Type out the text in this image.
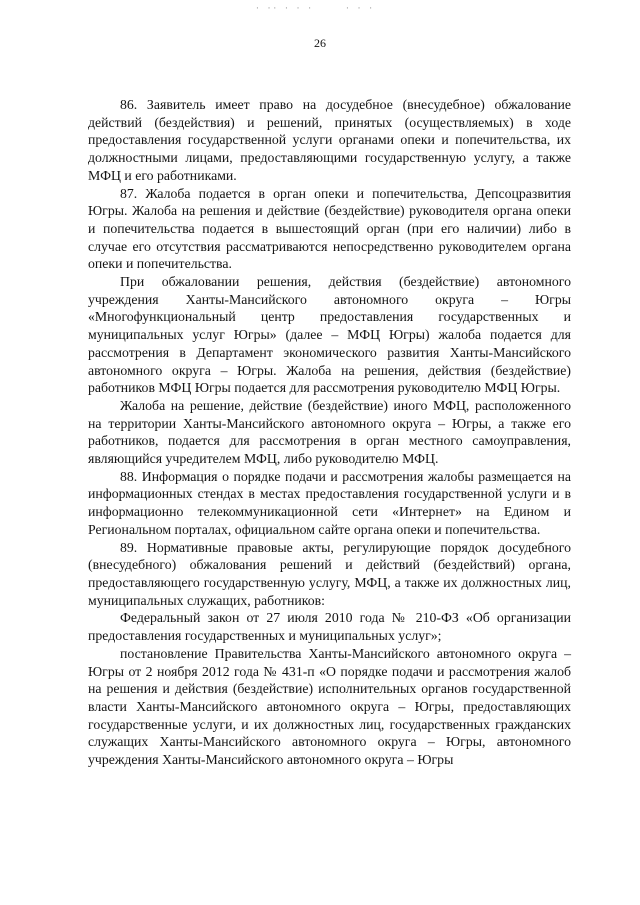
· ·· · · ·	· · ·
26

86. Заявитель имеет право на досудебное (внесудебное) обжалование действий (бездействия) и решений, принятых (осуществляемых) в ходе предоставления государственной услуги органами опеки и попечительства, их должностными лицами, предоставляющими государственную услугу, а также МФЦ и его работниками.

87. Жалоба подается в орган опеки и попечительства, Депсоцразвития Югры. Жалоба на решения и действие (бездействие) руководителя органа опеки и попечительства подается в вышестоящий орган (при его наличии) либо в случае его отсутствия рассматриваются непосредственно руководителем органа опеки и попечительства.

При обжаловании решения, действия (бездействие) автономного учреждения Ханты-Мансийского автономного округа – Югры «Многофункциональный центр предоставления государственных и муниципальных услуг Югры» (далее – МФЦ Югры) жалоба подается для рассмотрения в Департамент экономического развития Ханты-Мансийского автономного округа – Югры. Жалоба на решения, действия (бездействие) работников МФЦ Югры подается для рассмотрения руководителю МФЦ Югры.

Жалоба на решение, действие (бездействие) иного МФЦ, расположенного на территории Ханты-Мансийского автономного округа – Югры, а также его работников, подается для рассмотрения в орган местного самоуправления, являющийся учредителем МФЦ, либо руководителю МФЦ.

88. Информация о порядке подачи и рассмотрения жалобы размещается на информационных стендах в местах предоставления государственной услуги и в информационно телекоммуникационной сети «Интернет» на Едином и Региональном порталах, официальном сайте органа опеки и попечительства.

89. Нормативные правовые акты, регулирующие порядок досудебного (внесудебного) обжалования решений и действий (бездействий) органа, предоставляющего государственную услугу, МФЦ, а также их должностных лиц, муниципальных служащих, работников:

Федеральный закон от 27 июля 2010 года № 210-ФЗ «Об организации предоставления государственных и муниципальных услуг»;

постановление Правительства Ханты-Мансийского автономного округа – Югры от 2 ноября 2012 года № 431-п «О порядке подачи и рассмотрения жалоб на решения и действия (бездействие) исполнительных органов государственной власти Ханты-Мансийского автономного округа – Югры, предоставляющих государственные услуги, и их должностных лиц, государственных гражданских служащих Ханты-Мансийского автономного округа – Югры, автономного учреждения Ханты-Мансийского автономного округа – Югры
